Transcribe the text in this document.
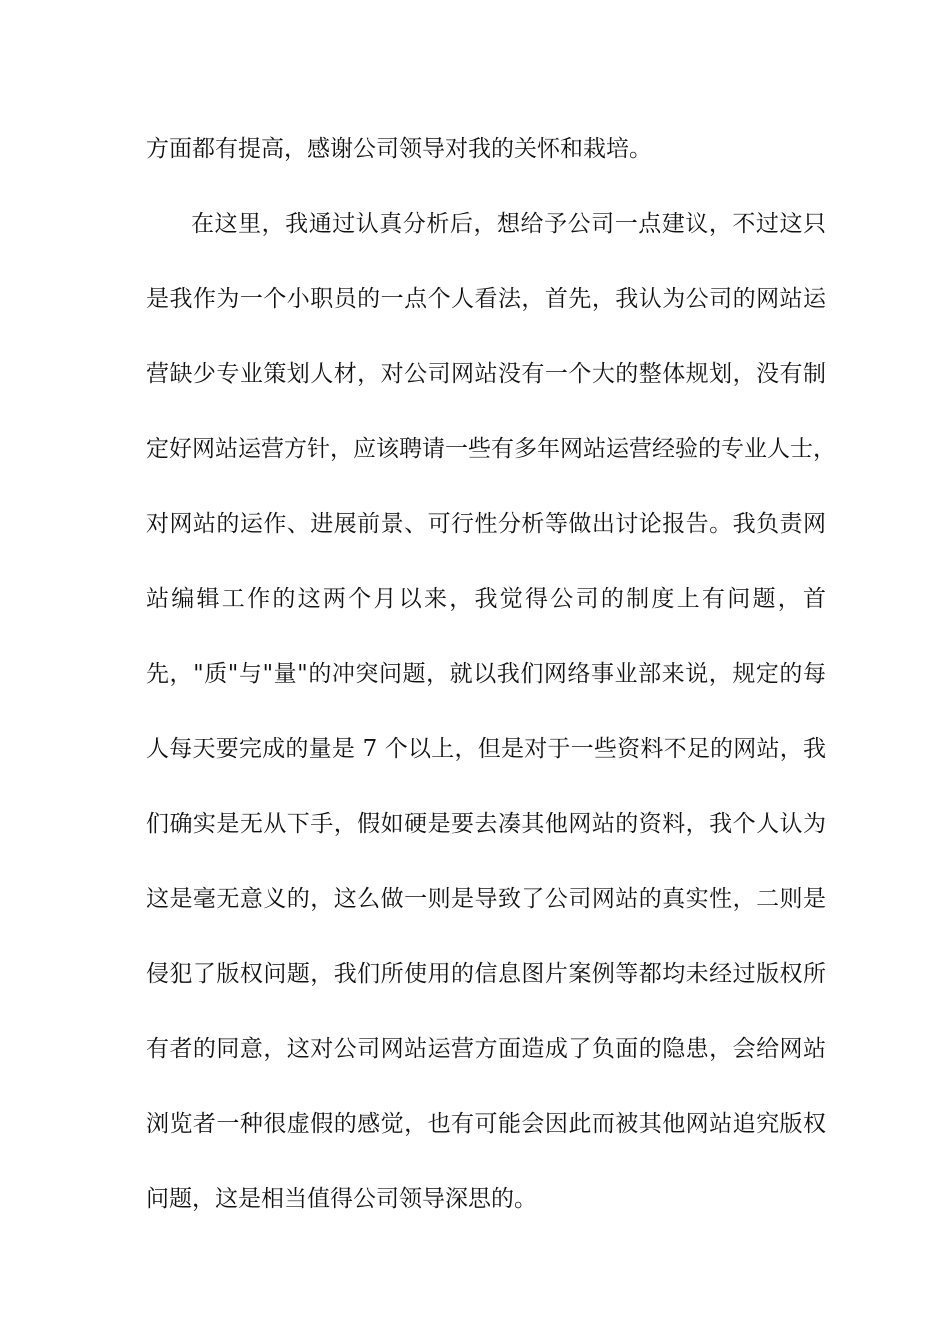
方面都有提高，感谢公司领导对我的关怀和栽培。
在这里，我通过认真分析后，想给予公司一点建议，不过这只
是我作为一个小职员的一点个人看法，首先，我认为公司的网站运
营缺少专业策划人材，对公司网站没有一个大的整体规划，没有制
定好网站运营方针，应该聘请一些有多年网站运营经验的专业人士，
对网站的运作、进展前景、可行性分析等做出讨论报告。我负责网
站编辑工作的这两个月以来，我觉得公司的制度上有问题，首
先，"质"与"量"的冲突问题，就以我们网络事业部来说，规定的每
人每天要完成的量是 7 个以上，但是对于一些资料不足的网站，我
们确实是无从下手，假如硬是要去凑其他网站的资料，我个人认为
这是毫无意义的，这么做一则是导致了公司网站的真实性，二则是
侵犯了版权问题，我们所使用的信息图片案例等都均未经过版权所
有者的同意，这对公司网站运营方面造成了负面的隐患，会给网站
浏览者一种很虚假的感觉，也有可能会因此而被其他网站追究版权
问题，这是相当值得公司领导深思的。
